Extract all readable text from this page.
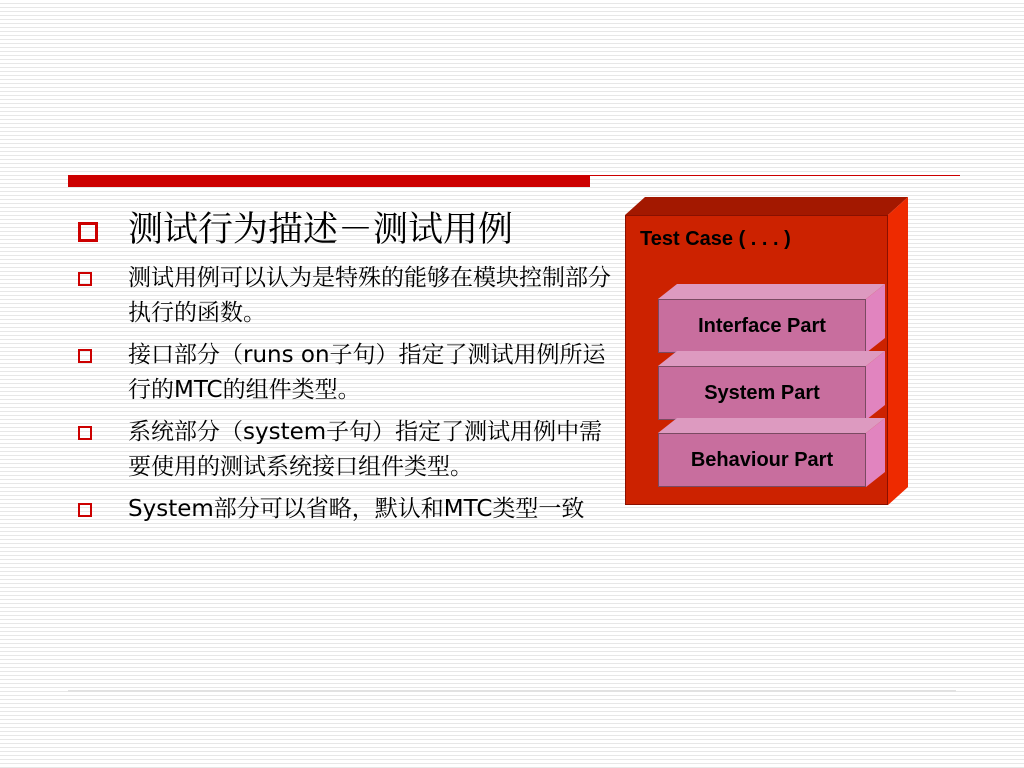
测试行为描述－测试用例
测试用例可以认为是特殊的能够在模块控制部分执行的函数。
接口部分（runs on子句）指定了测试用例所运行的MTC的组件类型。
系统部分（system子句）指定了测试用例中需要使用的测试系统接口组件类型。
System部分可以省略，默认和MTC类型一致
Test Case ( . . . )
Interface Part
System Part
Behaviour Part
